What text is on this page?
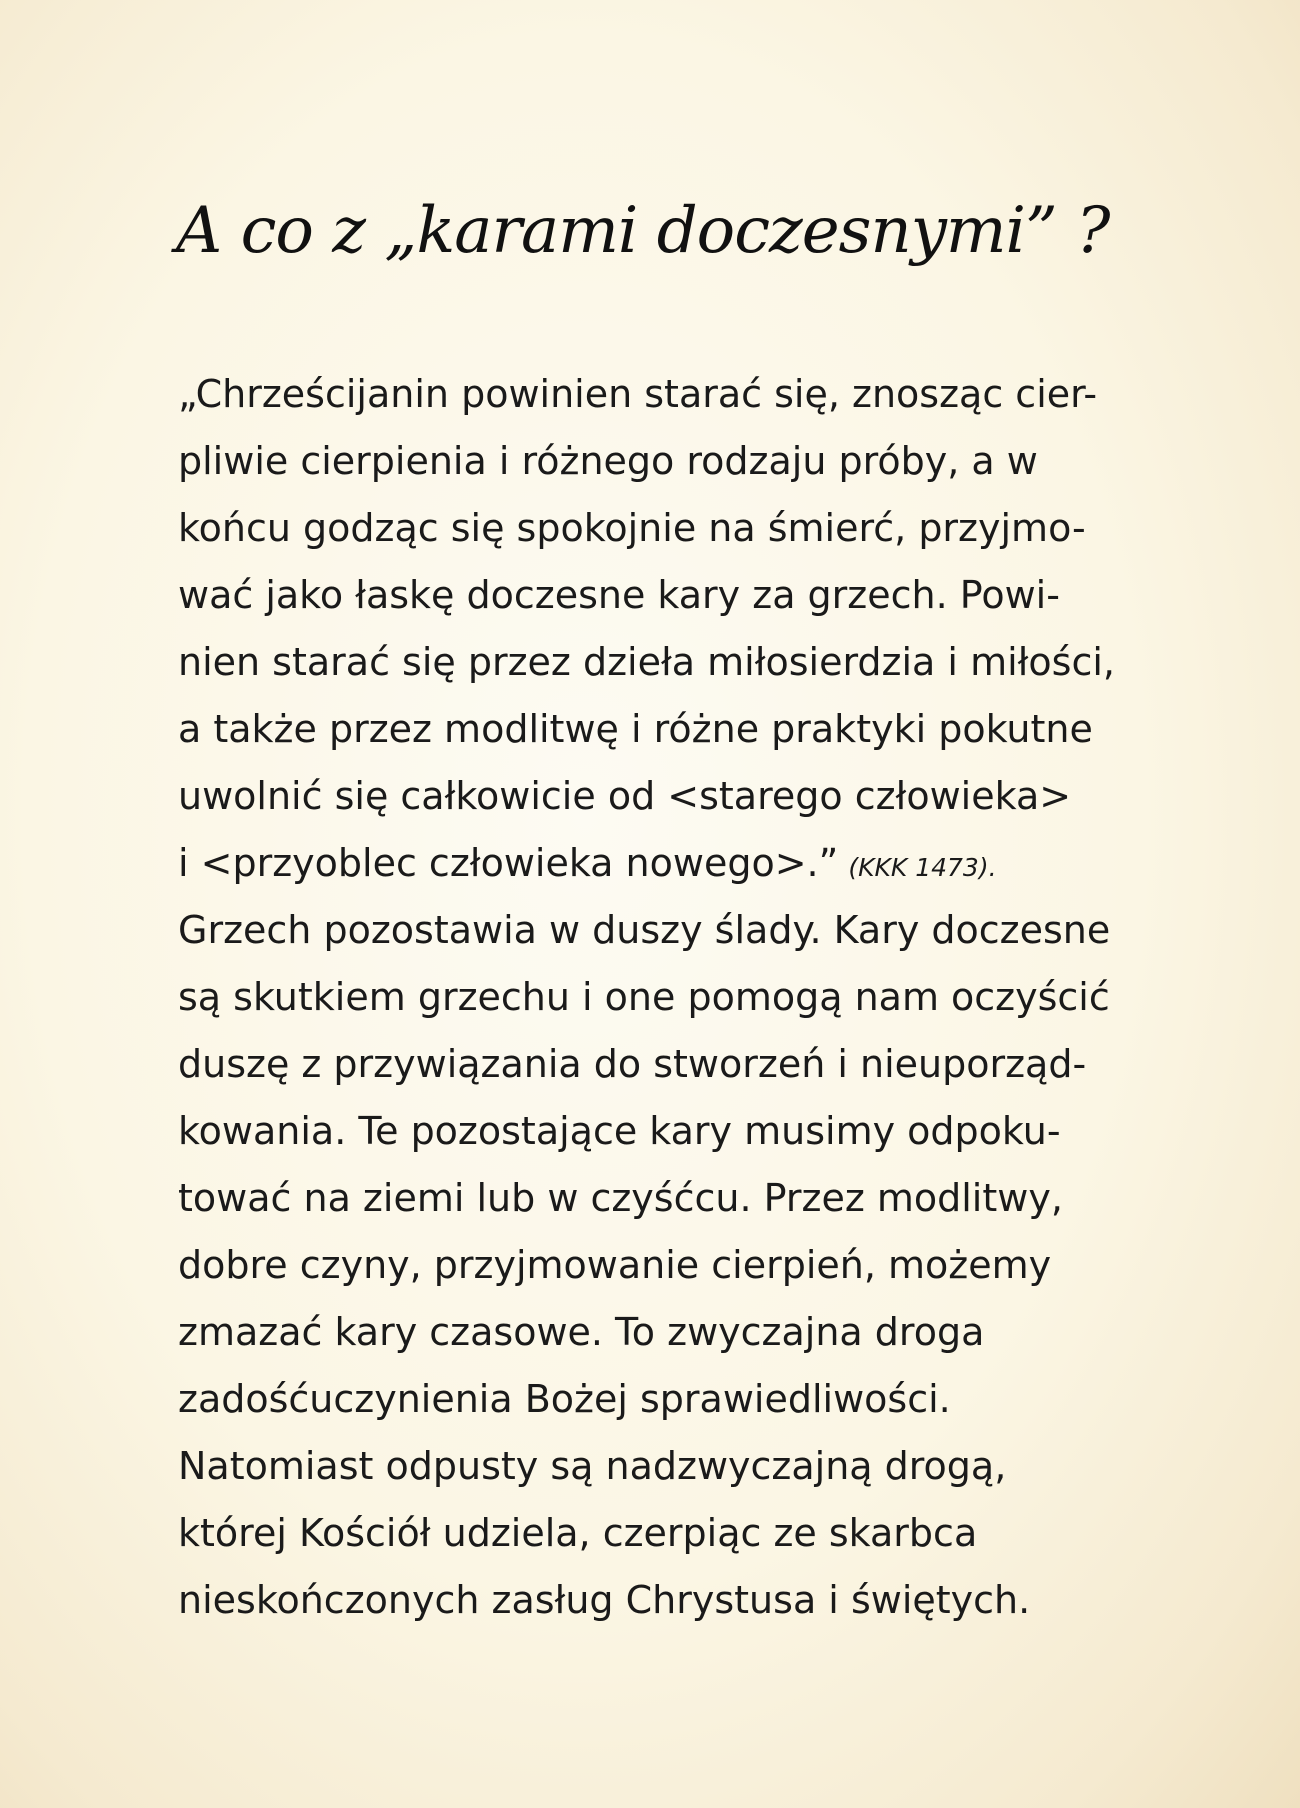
A co z „karami doczesnymi” ?
„Chrześcijanin powinien starać się, znosząc cier-
pliwie cierpienia i różnego rodzaju próby, a w
końcu godząc się spokojnie na śmierć, przyjmo-
wać jako łaskę doczesne kary za grzech. Powi-
nien starać się przez dzieła miłosierdzia i miłości,
a także przez modlitwę i różne praktyki pokutne
uwolnić się całkowicie od <starego człowieka>
i <przyoblec człowieka nowego>.” (KKK 1473).
Grzech pozostawia w duszy ślady. Kary doczesne
są skutkiem grzechu i one pomogą nam oczyścić
duszę z przywiązania do stworzeń i nieuporząd-
kowania. Te pozostające kary musimy odpoku-
tować na ziemi lub w czyśćcu. Przez modlitwy,
dobre czyny, przyjmowanie cierpień, możemy
zmazać kary czasowe. To zwyczajna droga
zadośćuczynienia Bożej sprawiedliwości.
Natomiast odpusty są nadzwyczajną drogą,
której Kościół udziela, czerpiąc ze skarbca
nieskończonych zasług Chrystusa i świętych.
